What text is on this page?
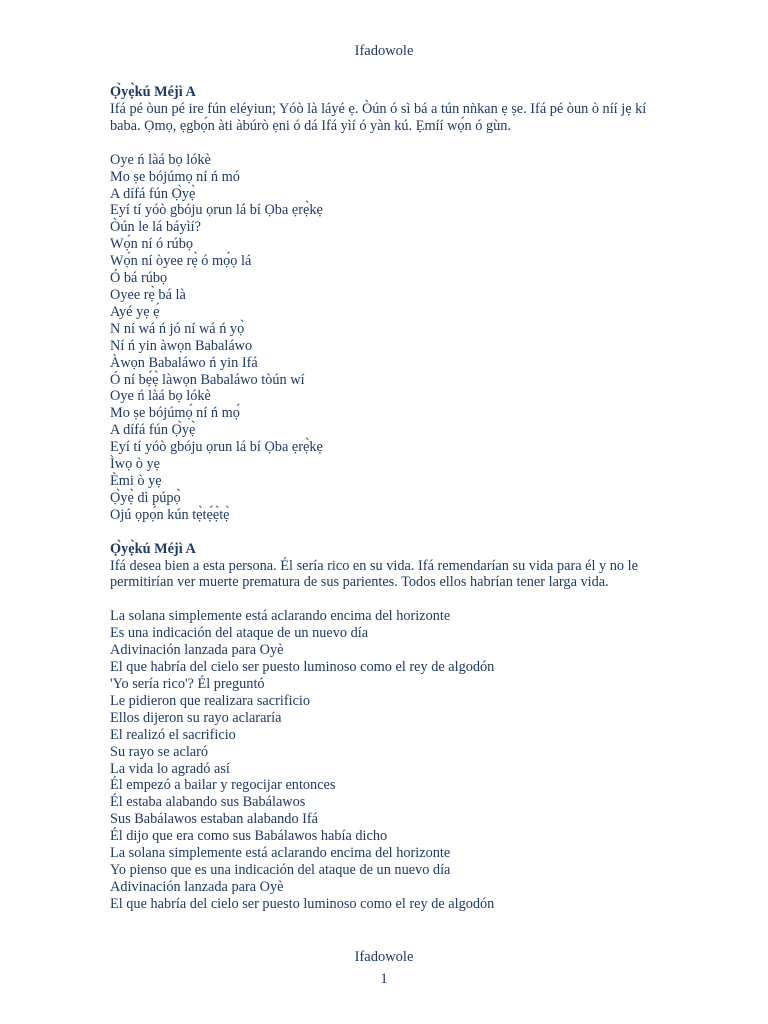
Ifadowole

Ọ̀yẹ̀kú Méjì A

Ifá pé òun pé ire fún eléyiun; Yóò là láyé ẹ. Òún ó sì bá a tún nǹkan ẹ ṣe. Ifá pé òun ò níí jẹ kí baba. Ọmọ, ẹgbọ́n àti àbúrò ẹni ó dá Ifá yìí ó yàn kú. Ẹmíí wọ́n ó gùn.

Oye ń làá bọ lókè
Mo ṣe bójúmọ ní ń mó
A dífá fún Ọ̀yẹ̀
Eyí tí yóò gbóju ọrun lá bí Ọba ẹrẹ̀kẹ
Òún le lá báyìí?
Wọ́n ní ó rúbọ
Wọ́n ní òyee rẹ̀ ó mọ́ọ lá
Ó bá rúbọ
Oyee rẹ̀ bá là
Ayé yẹ ẹ́
N ní wá ń jó ní wá ń yọ̀
Ní ń yin àwọn Babaláwo
Àwọn Babaláwo ń yin Ifá
Ó ní bẹ́ẹ̀ làwọn Babaláwo tòún wí
Oye ń làá bọ lókè
Mo ṣe bójúmọ́ ní ń mọ́
A dífá fún Ọ̀yẹ̀
Eyí tí yóò gbóju ọrun lá bí Ọba ẹrẹ̀kẹ
Ìwọ ò yẹ
Èmi ò yẹ
Ọ̀yẹ̀ dì púpọ̀
Ojú ọpọ́n kún tẹ̀tẹ́ẹ̀tẹ̀

Ọ̀yẹ̀kú Méjì A

Ifá desea bien a esta persona. Él sería rico en su vida. Ifá remendarían su vida para él y no le permitirían ver muerte prematura de sus parientes. Todos ellos habrían tener larga vida.

La solana simplemente está aclarando encima del horizonte
Es una indicación del ataque de un nuevo día
Adivinación lanzada para Oyè
El que habría del cielo ser puesto luminoso como el rey de algodón
'Yo sería rico'? Él preguntó
Le pidieron que realizara sacrificio
Ellos dijeron su rayo aclararía
El realizó el sacrificio
Su rayo se aclaró
La vida lo agradó así
Él empezó a bailar y regocijar entonces
Él estaba alabando sus Babálawos
Sus Babálawos estaban alabando Ifá
Él dijo que era como sus Babálawos había dicho
La solana simplemente está aclarando encima del horizonte
Yo pienso que es una indicación del ataque de un nuevo día
Adivinación lanzada para Oyè
El que habría del cielo ser puesto luminoso como el rey de algodón
Ifadowole
1
